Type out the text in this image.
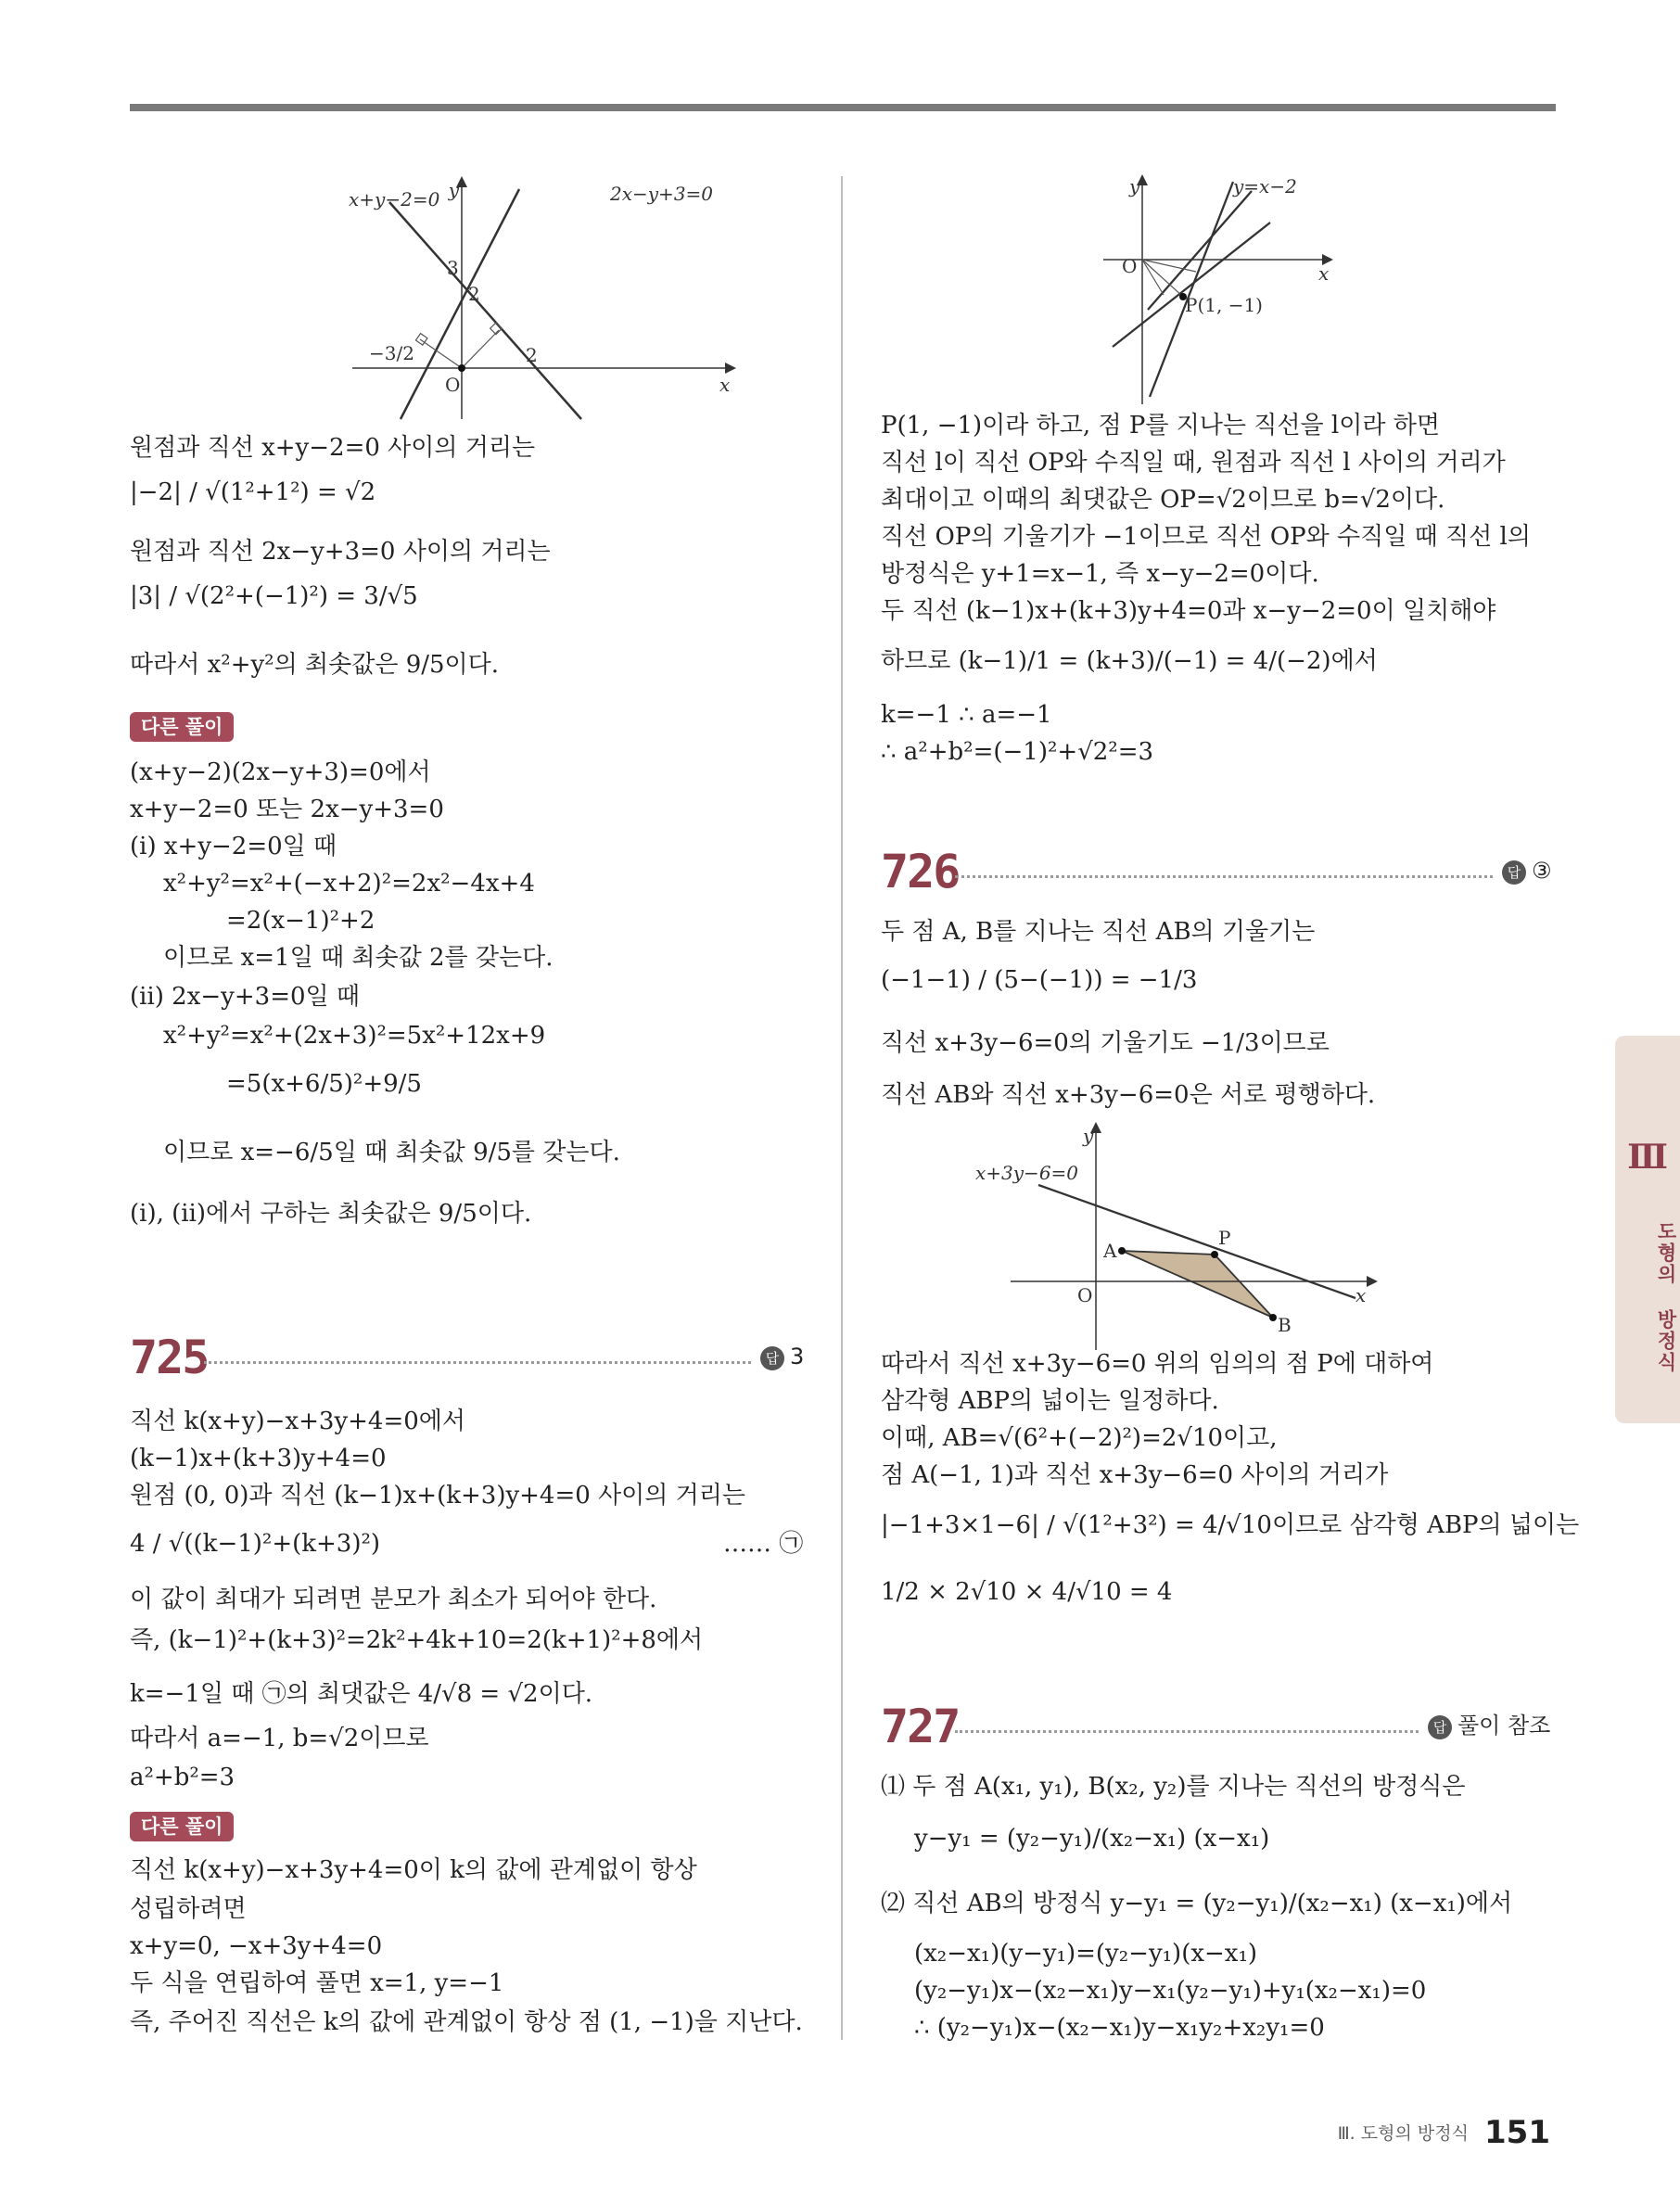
y
x
O
3
2
2
−3/2
x+y−2=0	2x−y+3=0
원점과 직선 x+y−2=0 사이의 거리는
|−2| / √(1²+1²) = √2
원점과 직선 2x−y+3=0 사이의 거리는
|3| / √(2²+(−1)²) = 3/√5
따라서 x²+y²의 최솟값은 9/5이다.
다른 풀이
(x+y−2)(2x−y+3)=0에서
x+y−2=0 또는 2x−y+3=0
(ⅰ) x+y−2=0일 때
x²+y²=x²+(−x+2)²=2x²−4x+4
=2(x−1)²+2
이므로 x=1일 때 최솟값 2를 갖는다.
(ⅱ) 2x−y+3=0일 때
x²+y²=x²+(2x+3)²=5x²+12x+9
=5(x+6/5)²+9/5
이므로 x=−6/5일 때 최솟값 9/5를 갖는다.
(ⅰ), (ⅱ)에서 구하는 최솟값은 9/5이다.
725	답 3
직선 k(x+y)−x+3y+4=0에서
(k−1)x+(k+3)y+4=0
원점 (0, 0)과 직선 (k−1)x+(k+3)y+4=0 사이의 거리는
4 / √((k−1)²+(k+3)²)	…… ㉠
이 값이 최대가 되려면 분모가 최소가 되어야 한다.
즉, (k−1)²+(k+3)²=2k²+4k+10=2(k+1)²+8에서
k=−1일 때 ㉠의 최댓값은 4/√8 = √2이다.
따라서 a=−1, b=√2이므로
a²+b²=3
다른 풀이
직선 k(x+y)−x+3y+4=0이 k의 값에 관계없이 항상
성립하려면
x+y=0, −x+3y+4=0
두 식을 연립하여 풀면 x=1, y=−1
즉, 주어진 직선은 k의 값에 관계없이 항상 점 (1, −1)을 지난다.
y
x
O
y=x−2
P(1, −1)
P(1, −1)이라 하고, 점 P를 지나는 직선을 l이라 하면
직선 l이 직선 OP와 수직일 때, 원점과 직선 l 사이의 거리가
최대이고 이때의 최댓값은 OP=√2이므로 b=√2이다.
직선 OP의 기울기가 −1이므로 직선 OP와 수직일 때 직선 l의
방정식은 y+1=x−1, 즉 x−y−2=0이다.
두 직선 (k−1)x+(k+3)y+4=0과 x−y−2=0이 일치해야
하므로 (k−1)/1 = (k+3)/(−1) = 4/(−2)에서
k=−1 ∴ a=−1
∴ a²+b²=(−1)²+√2²=3
726	답 ③
두 점 A, B를 지나는 직선 AB의 기울기는
(−1−1) / (5−(−1)) = −1/3
직선 x+3y−6=0의 기울기도 −1/3이므로
직선 AB와 직선 x+3y−6=0은 서로 평행하다.
y
x
O
x+3y−6=0
A
P
B
따라서 직선 x+3y−6=0 위의 임의의 점 P에 대하여
삼각형 ABP의 넓이는 일정하다.
이때, AB=√(6²+(−2)²)=2√10이고,
점 A(−1, 1)과 직선 x+3y−6=0 사이의 거리가
|−1+3×1−6| / √(1²+3²) = 4/√10이므로 삼각형 ABP의 넓이는
1/2 × 2√10 × 4/√10 = 4
727	답 풀이 참조
⑴ 두 점 A(x₁, y₁), B(x₂, y₂)를 지나는 직선의 방정식은
y−y₁ = (y₂−y₁)/(x₂−x₁) (x−x₁)
⑵ 직선 AB의 방정식 y−y₁ = (y₂−y₁)/(x₂−x₁) (x−x₁)에서
(x₂−x₁)(y−y₁)=(y₂−y₁)(x−x₁)
(y₂−y₁)x−(x₂−x₁)y−x₁(y₂−y₁)+y₁(x₂−x₁)=0
∴ (y₂−y₁)x−(x₂−x₁)y−x₁y₂+x₂y₁=0
Ⅲ
도형의 방정식
Ⅲ. 도형의 방정식 151
